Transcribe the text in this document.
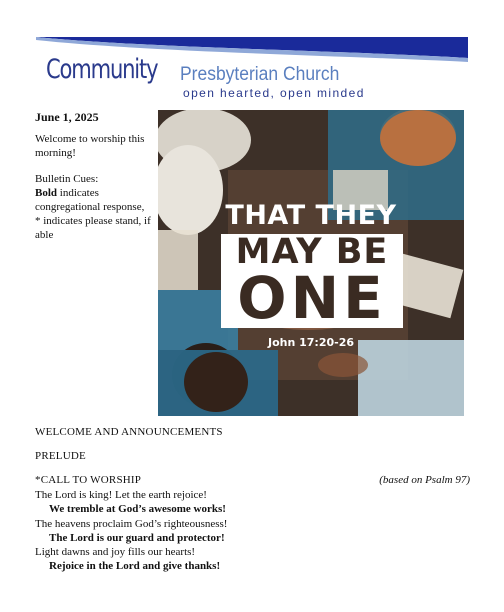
Community Presbyterian Church
open hearted, open minded
June 1, 2025
Welcome to worship this morning!
Bulletin Cues:
Bold indicates congregational response,
* indicates please stand, if able
THAT THEY
MAY BE
ONE
John 17:20-26
WELCOME AND ANNOUNCEMENTS
PRELUDE
*CALL TO WORSHIP	(based on Psalm 97)
The Lord is king! Let the earth rejoice!
We tremble at God’s awesome works!
The heavens proclaim God’s righteousness!
The Lord is our guard and protector!
Light dawns and joy fills our hearts!
Rejoice in the Lord and give thanks!
